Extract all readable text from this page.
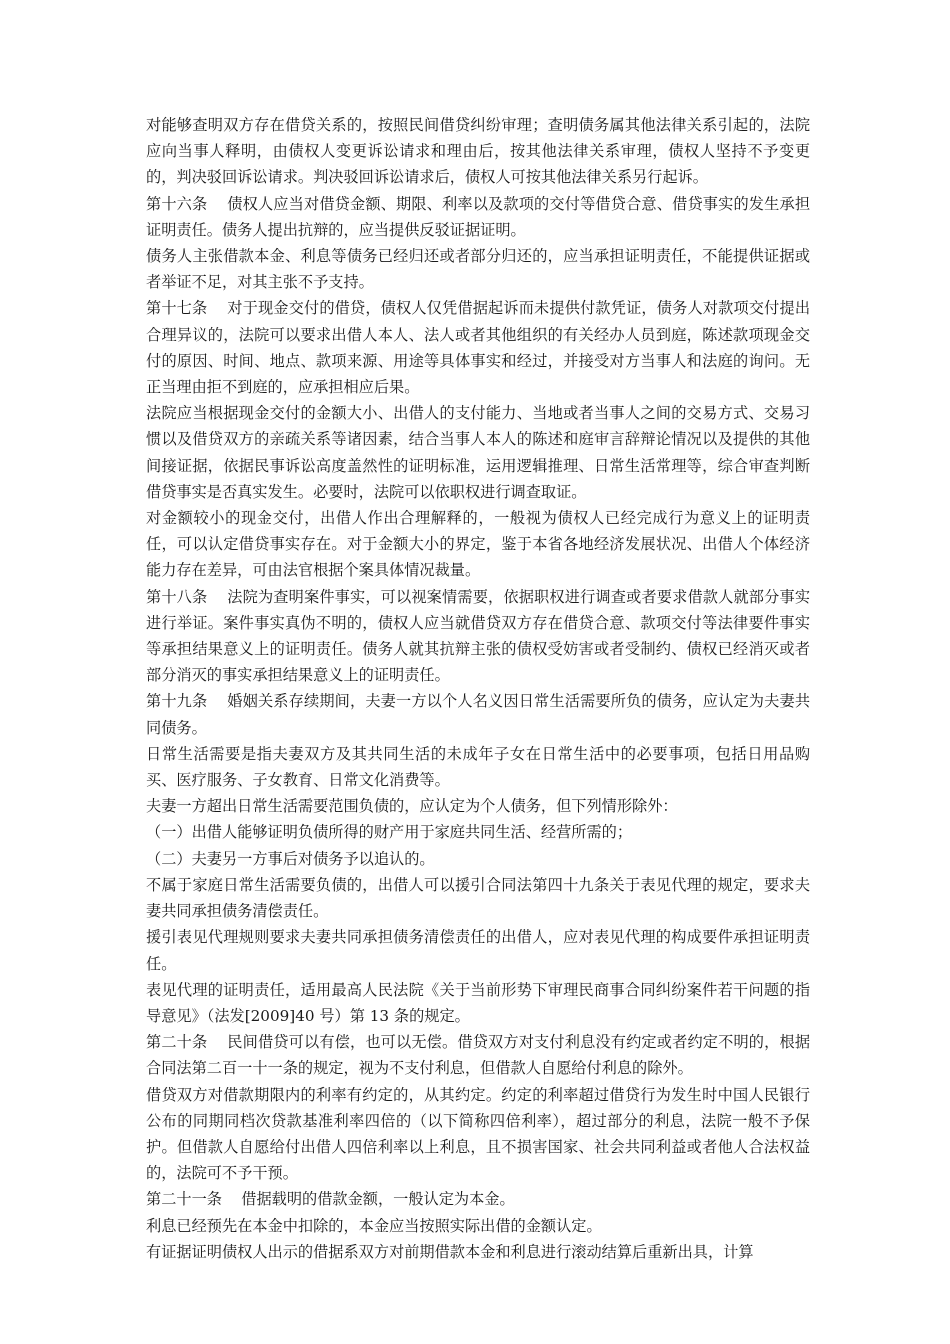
对能够查明双方存在借贷关系的，按照民间借贷纠纷审理；查明债务属其他法律关系引起的，法院应向当事人释明，由债权人变更诉讼请求和理由后，按其他法律关系审理，债权人坚持不予变更的，判决驳回诉讼请求。判决驳回诉讼请求后，债权人可按其他法律关系另行起诉。

第十六条 债权人应当对借贷金额、期限、利率以及款项的交付等借贷合意、借贷事实的发生承担证明责任。债务人提出抗辩的，应当提供反驳证据证明。

债务人主张借款本金、利息等债务已经归还或者部分归还的，应当承担证明责任，不能提供证据或者举证不足，对其主张不予支持。

第十七条 对于现金交付的借贷，债权人仅凭借据起诉而未提供付款凭证，债务人对款项交付提出合理异议的，法院可以要求出借人本人、法人或者其他组织的有关经办人员到庭，陈述款项现金交付的原因、时间、地点、款项来源、用途等具体事实和经过，并接受对方当事人和法庭的询问。无正当理由拒不到庭的，应承担相应后果。

法院应当根据现金交付的金额大小、出借人的支付能力、当地或者当事人之间的交易方式、交易习惯以及借贷双方的亲疏关系等诸因素，结合当事人本人的陈述和庭审言辞辩论情况以及提供的其他间接证据，依据民事诉讼高度盖然性的证明标准，运用逻辑推理、日常生活常理等，综合审查判断借贷事实是否真实发生。必要时，法院可以依职权进行调查取证。

对金额较小的现金交付，出借人作出合理解释的，一般视为债权人已经完成行为意义上的证明责任，可以认定借贷事实存在。对于金额大小的界定，鉴于本省各地经济发展状况、出借人个体经济能力存在差异，可由法官根据个案具体情况裁量。

第十八条 法院为查明案件事实，可以视案情需要，依据职权进行调查或者要求借款人就部分事实进行举证。案件事实真伪不明的，债权人应当就借贷双方存在借贷合意、款项交付等法律要件事实等承担结果意义上的证明责任。债务人就其抗辩主张的债权受妨害或者受制约、债权已经消灭或者部分消灭的事实承担结果意义上的证明责任。

第十九条 婚姻关系存续期间，夫妻一方以个人名义因日常生活需要所负的债务，应认定为夫妻共同债务。

日常生活需要是指夫妻双方及其共同生活的未成年子女在日常生活中的必要事项，包括日用品购买、医疗服务、子女教育、日常文化消费等。

夫妻一方超出日常生活需要范围负债的，应认定为个人债务，但下列情形除外：

（一）出借人能够证明负债所得的财产用于家庭共同生活、经营所需的；

（二）夫妻另一方事后对债务予以追认的。

不属于家庭日常生活需要负债的，出借人可以援引合同法第四十九条关于表见代理的规定，要求夫妻共同承担债务清偿责任。

援引表见代理规则要求夫妻共同承担债务清偿责任的出借人，应对表见代理的构成要件承担证明责任。

表见代理的证明责任，适用最高人民法院《关于当前形势下审理民商事合同纠纷案件若干问题的指导意见》（法发[2009]40 号）第 13 条的规定。

第二十条 民间借贷可以有偿，也可以无偿。借贷双方对支付利息没有约定或者约定不明的，根据合同法第二百一十一条的规定，视为不支付利息，但借款人自愿给付利息的除外。

借贷双方对借款期限内的利率有约定的，从其约定。约定的利率超过借贷行为发生时中国人民银行公布的同期同档次贷款基准利率四倍的（以下简称四倍利率），超过部分的利息，法院一般不予保护。但借款人自愿给付出借人四倍利率以上利息，且不损害国家、社会共同利益或者他人合法权益的，法院可不予干预。

第二十一条 借据载明的借款金额，一般认定为本金。

利息已经预先在本金中扣除的，本金应当按照实际出借的金额认定。

有证据证明债权人出示的借据系双方对前期借款本金和利息进行滚动结算后重新出具，计算
